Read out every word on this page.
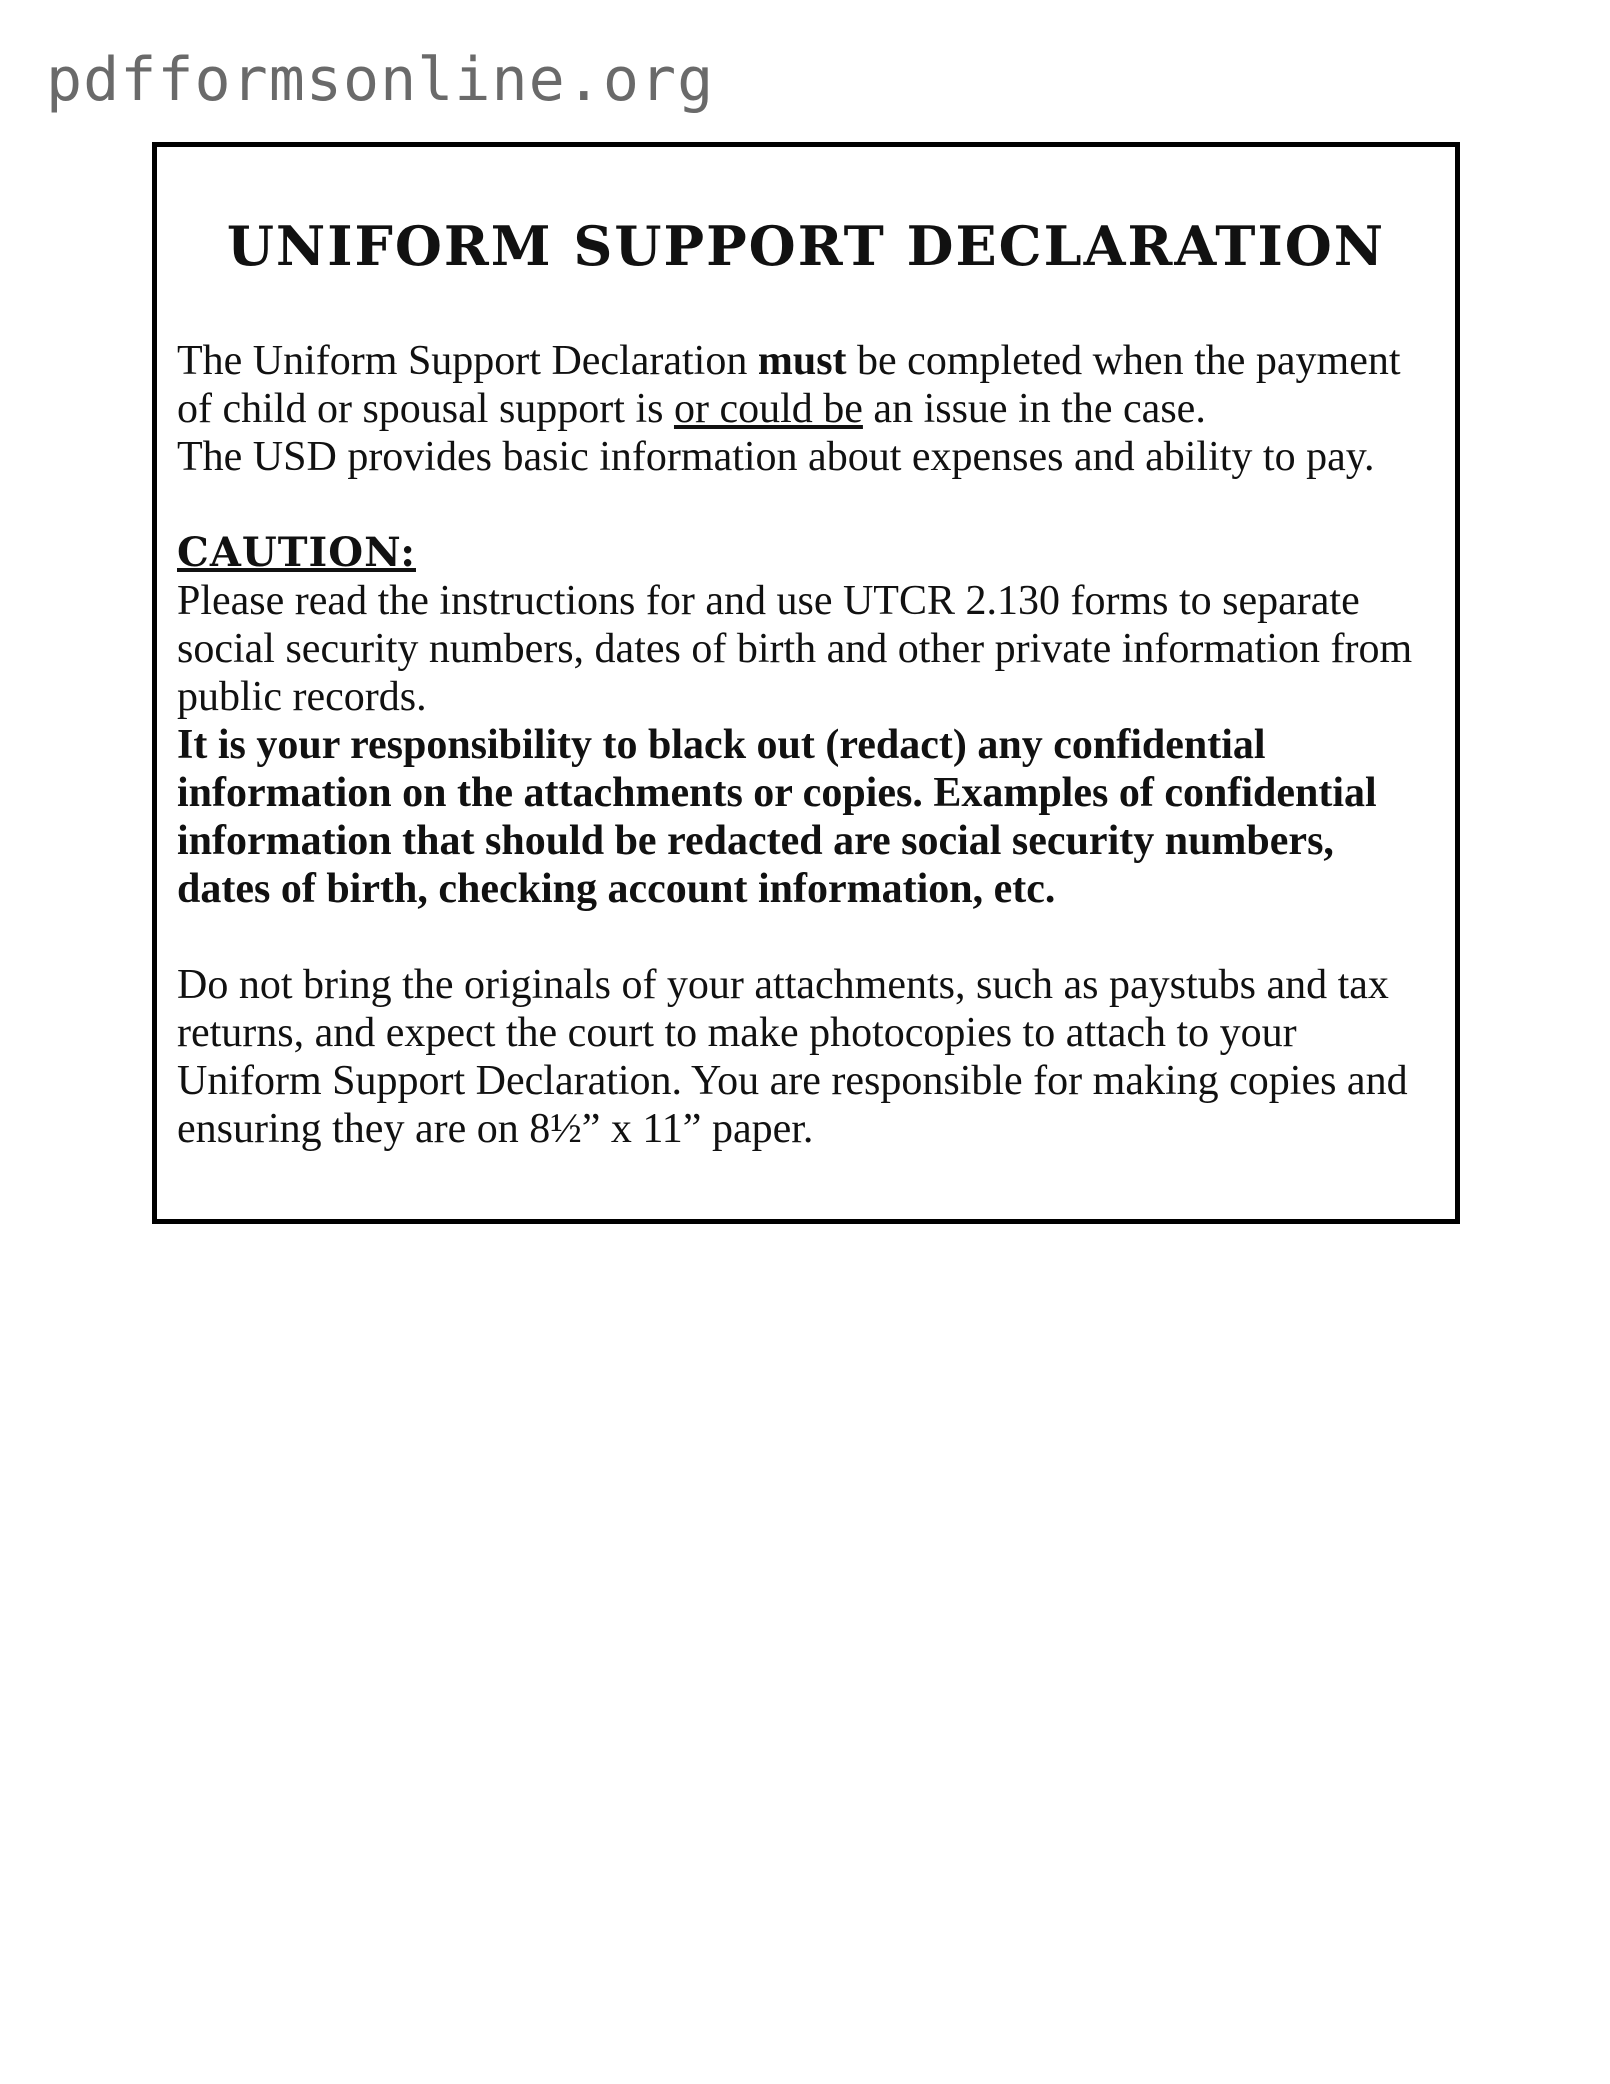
pdfformsonline.org
UNIFORM SUPPORT DECLARATION

The Uniform Support Declaration must be completed when the payment of child or spousal support is or could be an issue in the case.

The USD provides basic information about expenses and ability to pay.

CAUTION:

Please read the instructions for and use UTCR 2.130 forms to separate social security numbers, dates of birth and other private information from public records.

It is your responsibility to black out (redact) any confidential information on the attachments or copies. Examples of confidential information that should be redacted are social security numbers, dates of birth, checking account information, etc.

Do not bring the originals of your attachments, such as paystubs and tax returns, and expect the court to make photocopies to attach to your Uniform Support Declaration. You are responsible for making copies and ensuring they are on 8½” x 11” paper.
